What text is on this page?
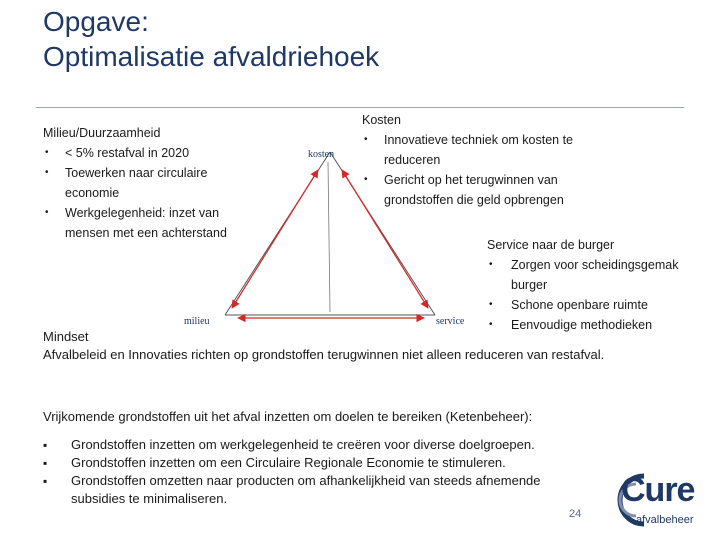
Opgave:
Optimalisatie afvaldriehoek
Milieu/Duurzaamheid
• < 5% restafval in 2020
• Toewerken naar circulaire economie
• Werkgelegenheid: inzet van mensen met een achterstand
Kosten
• Innovatieve techniek om kosten te reduceren
• Gericht op het terugwinnen van grondstoffen die geld opbrengen
Service naar de burger
• Zorgen voor scheidingsgemak burger
• Schone openbare ruimte
• Eenvoudige methodieken
kosten
milieu	service
Mindset
Afvalbeleid en Innovaties richten op grondstoffen terugwinnen niet alleen reduceren van restafval.
Vrijkomende grondstoffen uit het afval inzetten om doelen te bereiken (Ketenbeheer):
▪ Grondstoffen inzetten om werkgelegenheid te creëren voor diverse doelgroepen.
▪ Grondstoffen inzetten om een Circulaire Regionale Economie te stimuleren.
▪ Grondstoffen omzetten naar producten om afhankelijkheid van steeds afnemende subsidies te minimaliseren.
24
Cure
afvalbeheer
